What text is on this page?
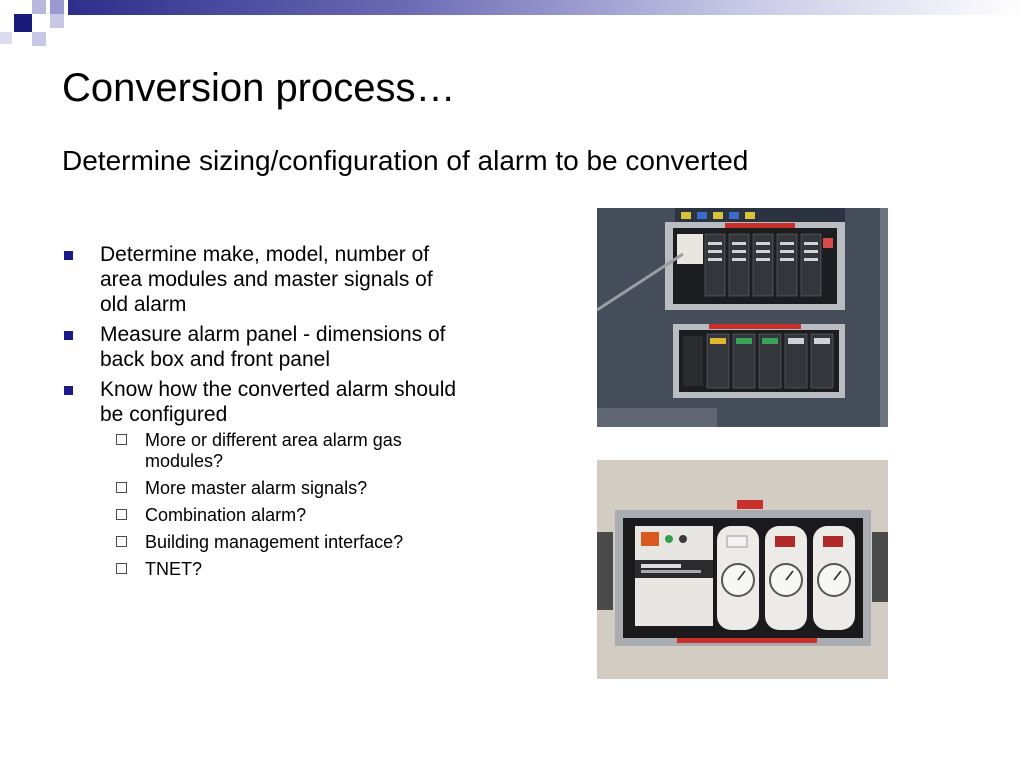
Conversion process…
Determine sizing/configuration of alarm to be converted
Determine make, model, number of area modules and master signals of old alarm
Measure alarm panel - dimensions of back box and front panel
Know how the converted alarm should be configured
More or different area alarm gas modules?
More master alarm signals?
Combination alarm?
Building management interface?
TNET?
